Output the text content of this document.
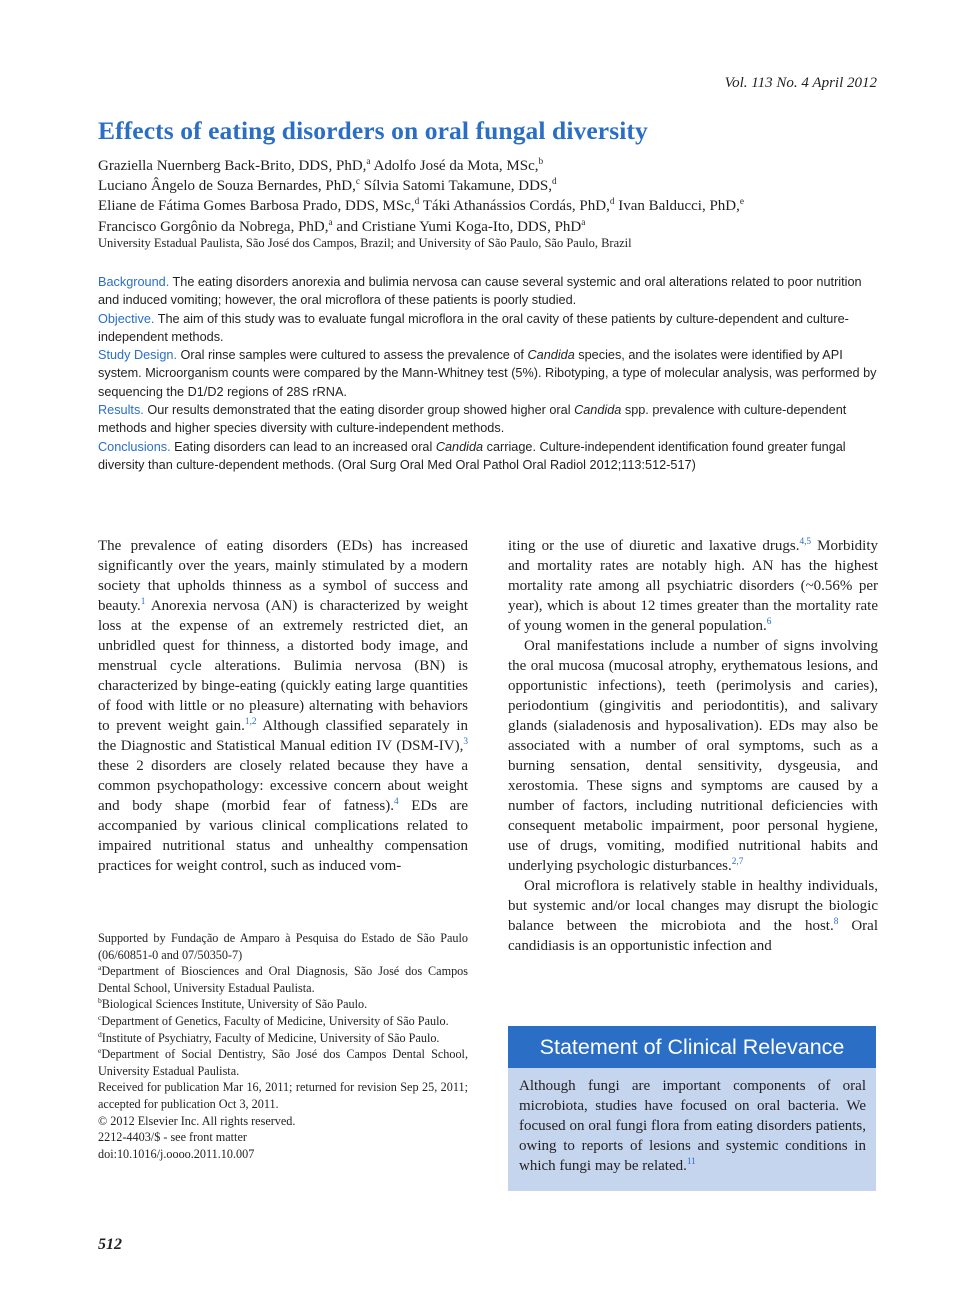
Vol. 113 No. 4 April 2012
Effects of eating disorders on oral fungal diversity
Graziella Nuernberg Back-Brito, DDS, PhD,$^a$ Adolfo José da Mota, MSc,$^b$
Luciano Ângelo de Souza Bernardes, PhD,$^c$ Sílvia Satomi Takamune, DDS,$^d$
Eliane de Fátima Gomes Barbosa Prado, DDS, MSc,$^d$ Táki Athanássios Cordás, PhD,$^d$ Ivan Balducci, PhD,$^e$
Francisco Gorgônio da Nobrega, PhD,$^a$ and Cristiane Yumi Koga-Ito, DDS, PhD$^a$
University Estadual Paulista, São José dos Campos, Brazil; and University of São Paulo, São Paulo, Brazil

Background. The eating disorders anorexia and bulimia nervosa can cause several systemic and oral alterations related to poor nutrition and induced vomiting; however, the oral microflora of these patients is poorly studied.

Objective. The aim of this study was to evaluate fungal microflora in the oral cavity of these patients by culture-dependent and culture-independent methods.

Study Design. Oral rinse samples were cultured to assess the prevalence of Candida species, and the isolates were identified by API system. Microorganism counts were compared by the Mann-Whitney test (5%). Ribotyping, a type of molecular analysis, was performed by sequencing the D1/D2 regions of 28S rRNA.

Results. Our results demonstrated that the eating disorder group showed higher oral Candida spp. prevalence with culture-dependent methods and higher species diversity with culture-independent methods.

Conclusions. Eating disorders can lead to an increased oral Candida carriage. Culture-independent identification found greater fungal diversity than culture-dependent methods. (Oral Surg Oral Med Oral Pathol Oral Radiol 2012;113:512-517)

The prevalence of eating disorders (EDs) has increased significantly over the years, mainly stimulated by a modern society that upholds thinness as a symbol of success and beauty.$^1$ Anorexia nervosa (AN) is characterized by weight loss at the expense of an extremely restricted diet, an unbridled quest for thinness, a distorted body image, and menstrual cycle alterations. Bulimia nervosa (BN) is characterized by binge-eating (quickly eating large quantities of food with little or no pleasure) alternating with behaviors to prevent weight gain.$^{1,2}$ Although classified separately in the Diagnostic and Statistical Manual edition IV (DSM-IV),$^3$ these 2 disorders are closely related because they have a common psychopathology: excessive concern about weight and body shape (morbid fear of fatness).$^4$ EDs are accompanied by various clinical complications related to impaired nutritional status and unhealthy compensation practices for weight control, such as induced vom-

iting or the use of diuretic and laxative drugs.$^{4,5}$ Morbidity and mortality rates are notably high. AN has the highest mortality rate among all psychiatric disorders (~0.56% per year), which is about 12 times greater than the mortality rate of young women in the general population.$^6$

Oral manifestations include a number of signs involving the oral mucosa (mucosal atrophy, erythematous lesions, and opportunistic infections), teeth (perimolysis and caries), periodontium (gingivitis and periodontitis), and salivary glands (sialadenosis and hyposalivation). EDs may also be associated with a number of oral symptoms, such as a burning sensation, dental sensitivity, dysgeusia, and xerostomia. These signs and symptoms are caused by a number of factors, including nutritional deficiencies with consequent metabolic impairment, poor personal hygiene, use of drugs, vomiting, modified nutritional habits and underlying psychologic disturbances.$^{2,7}$

Oral microflora is relatively stable in healthy individuals, but systemic and/or local changes may disrupt the biologic balance between the microbiota and the host.$^8$ Oral candidiasis is an opportunistic infection and

Supported by Fundação de Amparo à Pesquisa do Estado de São Paulo (06/60851-0 and 07/50350-7)

$^a$Department of Biosciences and Oral Diagnosis, São José dos Campos Dental School, University Estadual Paulista.

$^b$Biological Sciences Institute, University of São Paulo.

$^c$Department of Genetics, Faculty of Medicine, University of São Paulo.

$^d$Institute of Psychiatry, Faculty of Medicine, University of São Paulo.

$^e$Department of Social Dentistry, São José dos Campos Dental School, University Estadual Paulista.

Received for publication Mar 16, 2011; returned for revision Sep 25, 2011; accepted for publication Oct 3, 2011.

© 2012 Elsevier Inc. All rights reserved.

2212-4403/$ - see front matter

doi:10.1016/j.oooo.2011.10.007

Statement of Clinical Relevance
Although fungi are important components of oral microbiota, studies have focused on oral bacteria. We focused on oral fungi flora from eating disorders patients, owing to reports of lesions and systemic conditions in which fungi may be related.$^{11}$
512
